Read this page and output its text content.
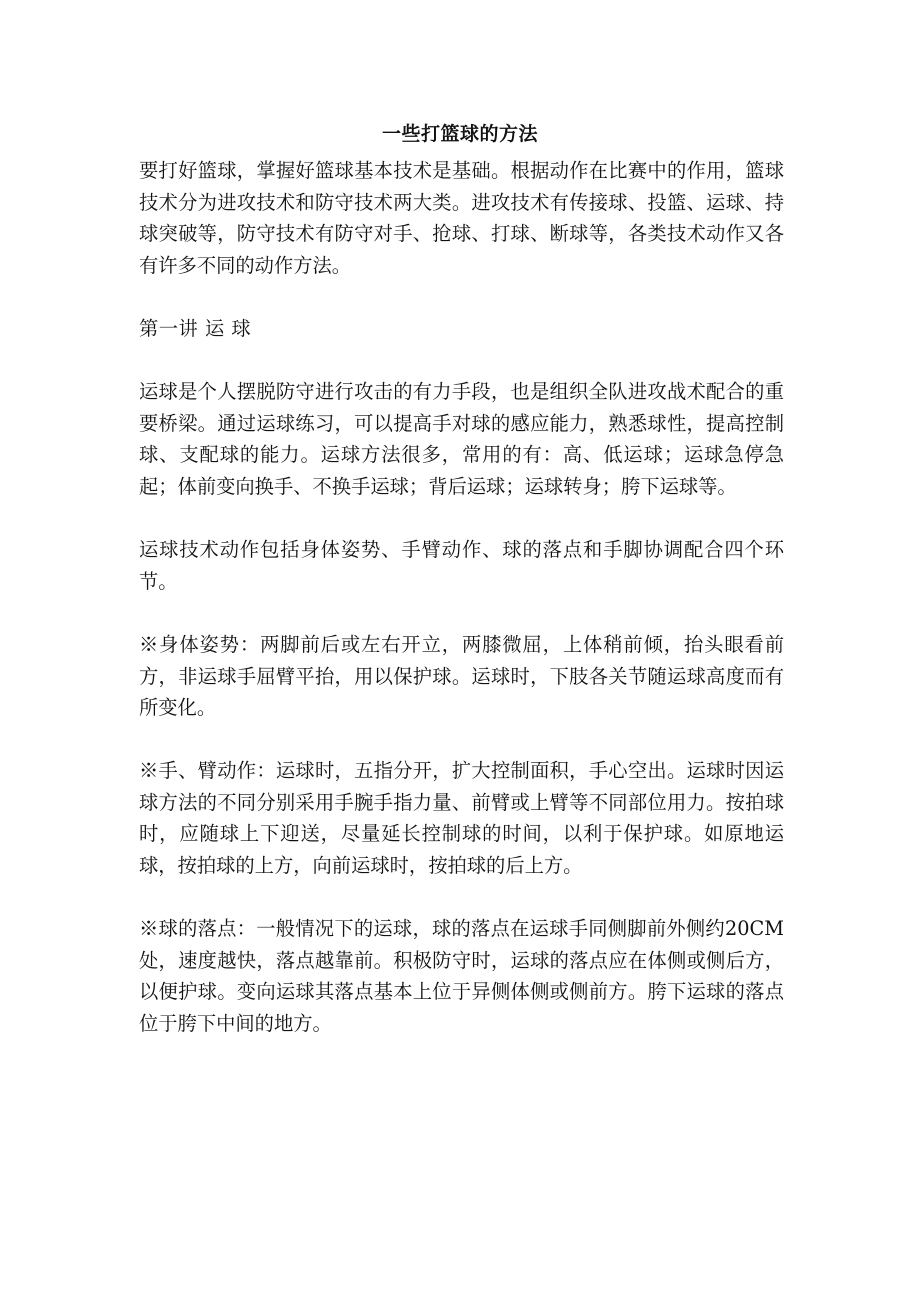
一些打篮球的方法

要打好篮球，掌握好篮球基本技术是基础。根据动作在比赛中的作用，篮球技术分为进攻技术和防守技术两大类。进攻技术有传接球、投篮、运球、持球突破等，防守技术有防守对手、抢球、打球、断球等，各类技术动作又各有许多不同的动作方法。

第一讲 运 球

运球是个人摆脱防守进行攻击的有力手段，也是组织全队进攻战术配合的重要桥梁。通过运球练习，可以提高手对球的感应能力，熟悉球性，提高控制球、支配球的能力。运球方法很多，常用的有：高、低运球；运球急停急起；体前变向换手、不换手运球；背后运球；运球转身；胯下运球等。

运球技术动作包括身体姿势、手臂动作、球的落点和手脚协调配合四个环节。

※身体姿势：两脚前后或左右开立，两膝微屈，上体稍前倾，抬头眼看前方，非运球手屈臂平抬，用以保护球。运球时，下肢各关节随运球高度而有所变化。

※手、臂动作：运球时，五指分开，扩大控制面积，手心空出。运球时因运球方法的不同分别采用手腕手指力量、前臂或上臂等不同部位用力。按拍球时，应随球上下迎送，尽量延长控制球的时间，以利于保护球。如原地运球，按拍球的上方，向前运球时，按拍球的后上方。

※球的落点：一般情况下的运球，球的落点在运球手同侧脚前外侧约20CM处，速度越快，落点越靠前。积极防守时，运球的落点应在体侧或侧后方，以便护球。变向运球其落点基本上位于异侧体侧或侧前方。胯下运球的落点位于胯下中间的地方。
